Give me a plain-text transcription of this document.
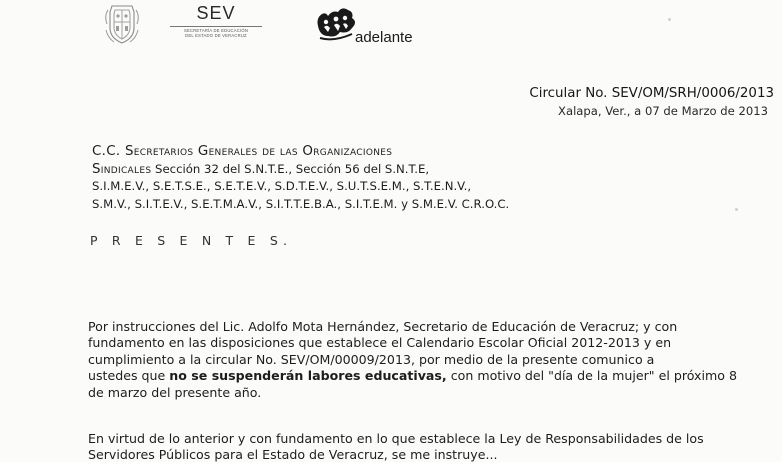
SEV
SECRETARÍA DE EDUCACIÓN
DEL ESTADO DE VERACRUZ	adelante
Circular No. SEV/OM/SRH/0006/2013
Xalapa, Ver., a 07 de Marzo de 2013
C.C. Secretarios Generales de las Organizaciones
Sindicales Sección 32 del S.N.T.E., Sección 56 del S.N.T.E,
S.I.M.E.V., S.E.T.S.E., S.E.T.E.V., S.D.T.E.V., S.U.T.S.E.M., S.T.E.N.V.,
S.M.V., S.I.T.E.V., S.E.T.M.A.V., S.I.T.T.E.B.A., S.I.T.E.M. y S.M.E.V. C.R.O.C.
P R E S E N T E S.
Por instrucciones del Lic. Adolfo Mota Hernández, Secretario de Educación de Veracruz; y con
fundamento en las disposiciones que establece el Calendario Escolar Oficial 2012-2013 y en
cumplimiento a la circular No. SEV/OM/00009/2013, por medio de la presente comunico a
ustedes que no se suspenderán labores educativas, con motivo del "día de la mujer" el próximo 8
de marzo del presente año.
En virtud de lo anterior y con fundamento en lo que establece la Ley de Responsabilidades de los
Servidores Públicos para el Estado de Veracruz, se me instruye...
